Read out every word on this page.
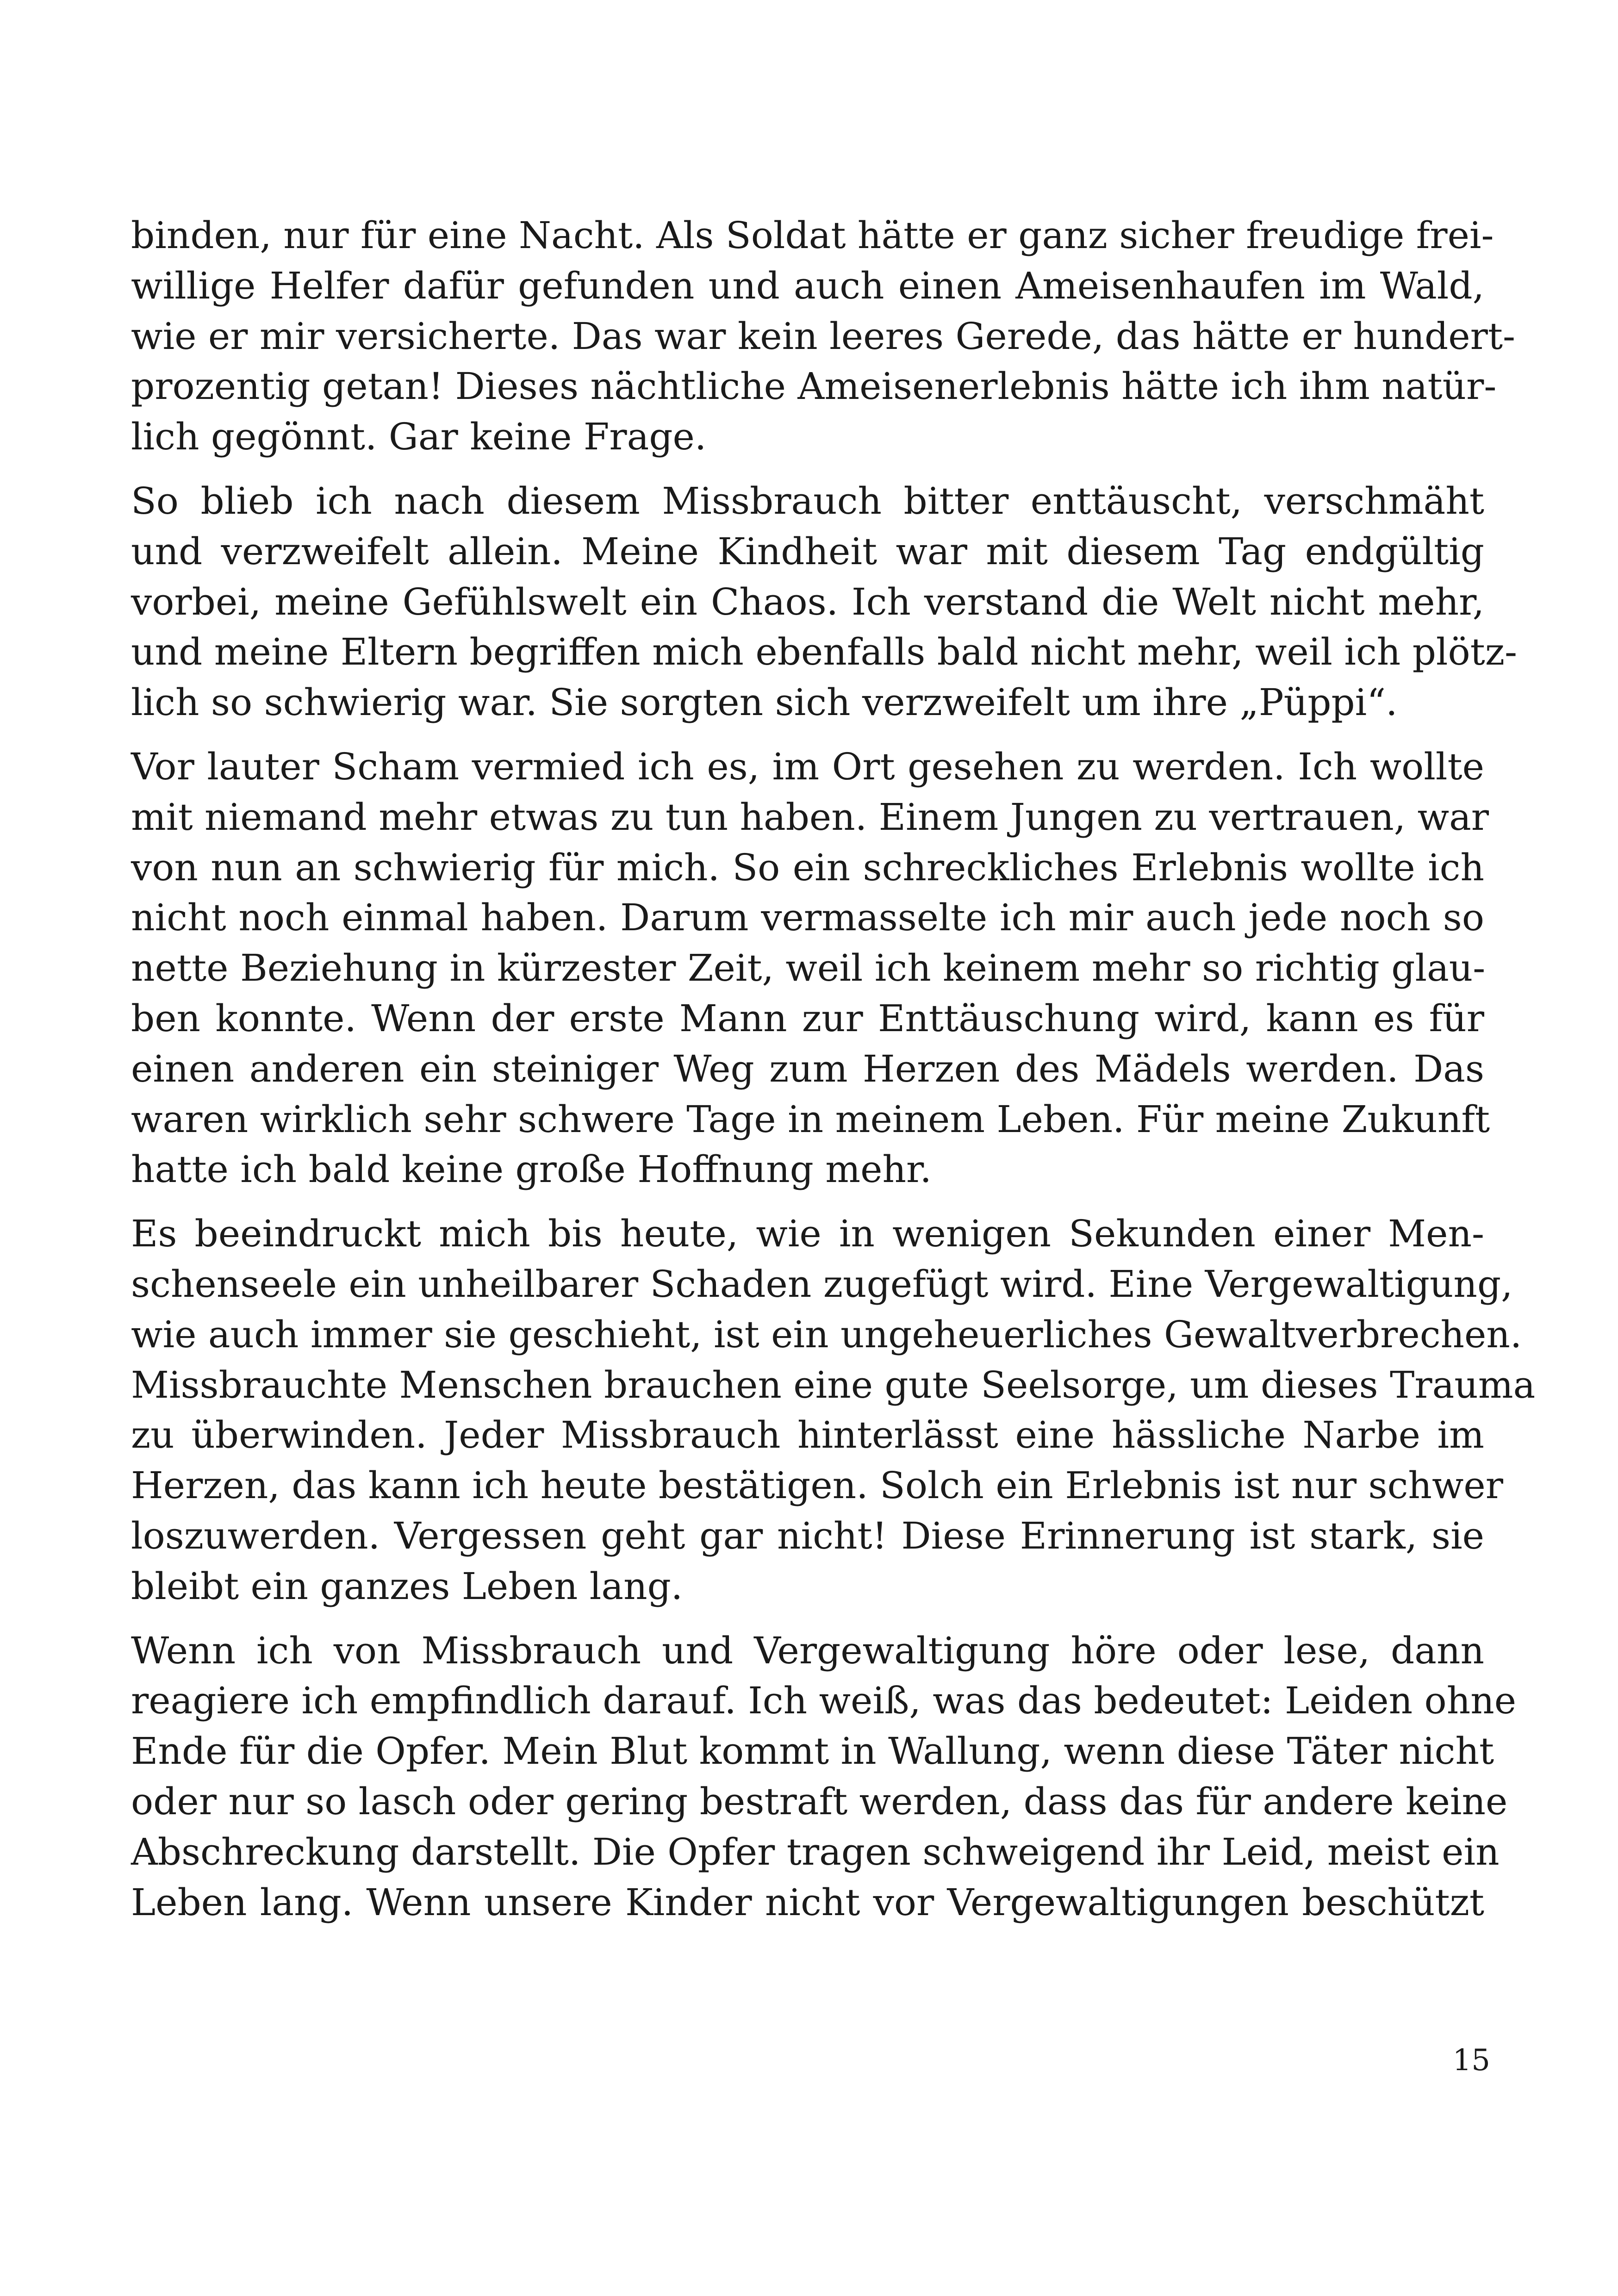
binden, nur für eine Nacht. Als Soldat hätte er ganz sicher freudige frei-
willige Helfer dafür gefunden und auch einen Ameisenhaufen im Wald,
wie er mir versicherte. Das war kein leeres Gerede, das hätte er hundert-
prozentig getan! Dieses nächtliche Ameisenerlebnis hätte ich ihm natür-
lich gegönnt. Gar keine Frage.
So blieb ich nach diesem Missbrauch bitter enttäuscht, verschmäht
und verzweifelt allein. Meine Kindheit war mit diesem Tag endgültig
vorbei, meine Gefühlswelt ein Chaos. Ich verstand die Welt nicht mehr,
und meine Eltern begriffen mich ebenfalls bald nicht mehr, weil ich plötz-
lich so schwierig war. Sie sorgten sich verzweifelt um ihre „Püppi“.
Vor lauter Scham vermied ich es, im Ort gesehen zu werden. Ich wollte
mit niemand mehr etwas zu tun haben. Einem Jungen zu vertrauen, war
von nun an schwierig für mich. So ein schreckliches Erlebnis wollte ich
nicht noch einmal haben. Darum vermasselte ich mir auch jede noch so
nette Beziehung in kürzester Zeit, weil ich keinem mehr so richtig glau-
ben konnte. Wenn der erste Mann zur Enttäuschung wird, kann es für
einen anderen ein steiniger Weg zum Herzen des Mädels werden. Das
waren wirklich sehr schwere Tage in meinem Leben. Für meine Zukunft
hatte ich bald keine große Hoffnung mehr.
Es beeindruckt mich bis heute, wie in wenigen Sekunden einer Men-
schenseele ein unheilbarer Schaden zugefügt wird. Eine Vergewaltigung,
wie auch immer sie geschieht, ist ein ungeheuerliches Gewaltverbrechen.
Missbrauchte Menschen brauchen eine gute Seelsorge, um dieses Trauma
zu überwinden. Jeder Missbrauch hinterlässt eine hässliche Narbe im
Herzen, das kann ich heute bestätigen. Solch ein Erlebnis ist nur schwer
loszuwerden. Vergessen geht gar nicht! Diese Erinnerung ist stark, sie
bleibt ein ganzes Leben lang.
Wenn ich von Missbrauch und Vergewaltigung höre oder lese, dann
reagiere ich empfindlich darauf. Ich weiß, was das bedeutet: Leiden ohne
Ende für die Opfer. Mein Blut kommt in Wallung, wenn diese Täter nicht
oder nur so lasch oder gering bestraft werden, dass das für andere keine
Abschreckung darstellt. Die Opfer tragen schweigend ihr Leid, meist ein
Leben lang. Wenn unsere Kinder nicht vor Vergewaltigungen beschützt
15
